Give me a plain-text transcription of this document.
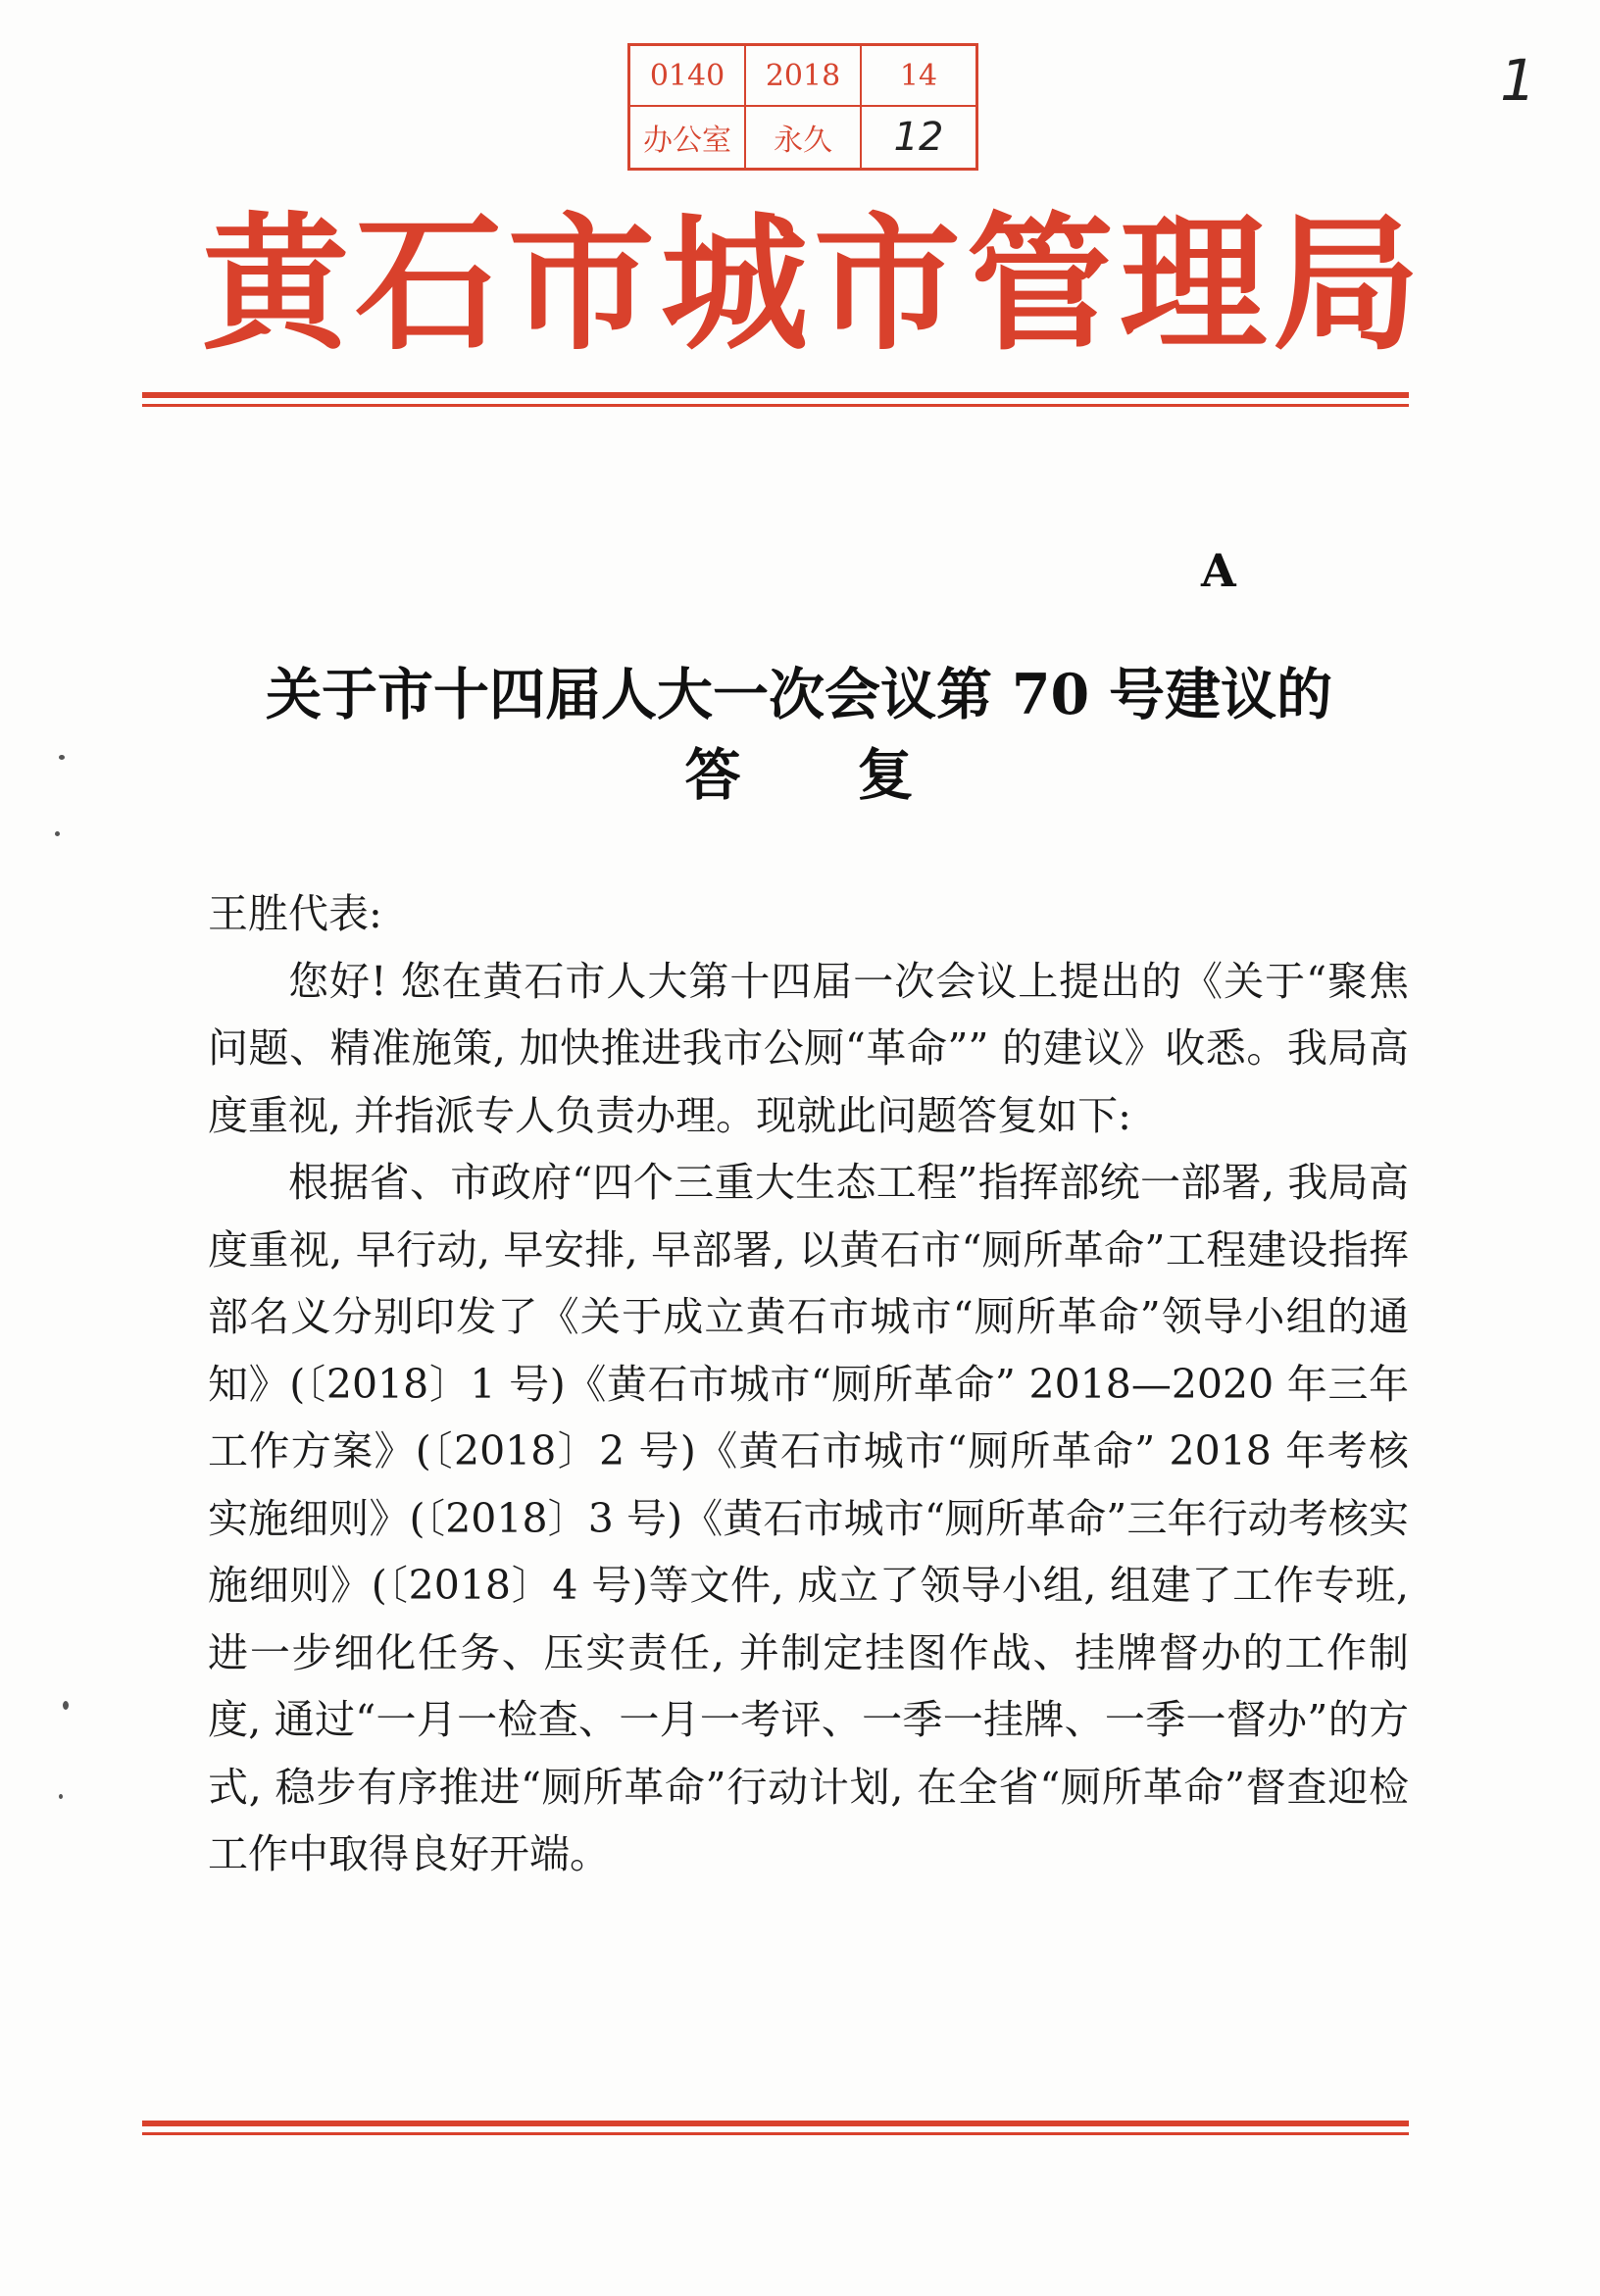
0140	2018	14
办公室	永久	12
1
黄石市城市管理局
A
关于市十四届人大一次会议第 70 号建议的
答      复

王胜代表:

您好! 您在黄石市人大第十四届一次会议上提出的《关于“聚焦问题、精准施策, 加快推进我市公厕“革命”” 的建议》收悉。我局高度重视, 并指派专人负责办理。现就此问题答复如下:

根据省、市政府“四个三重大生态工程”指挥部统一部署, 我局高度重视, 早行动, 早安排, 早部署, 以黄石市“厕所革命”工程建设指挥部名义分别印发了《关于成立黄石市城市“厕所革命”领导小组的通知》(〔2018〕1 号)《黄石市城市“厕所革命” 2018—2020 年三年工作方案》(〔2018〕2 号)《黄石市城市“厕所革命” 2018 年考核实施细则》(〔2018〕3 号)《黄石市城市“厕所革命”三年行动考核实施细则》(〔2018〕4 号)等文件, 成立了领导小组, 组建了工作专班, 进一步细化任务、压实责任, 并制定挂图作战、挂牌督办的工作制度, 通过“一月一检查、一月一考评、一季一挂牌、一季一督办”的方式, 稳步有序推进“厕所革命”行动计划, 在全省“厕所革命”督查迎检工作中取得良好开端。
